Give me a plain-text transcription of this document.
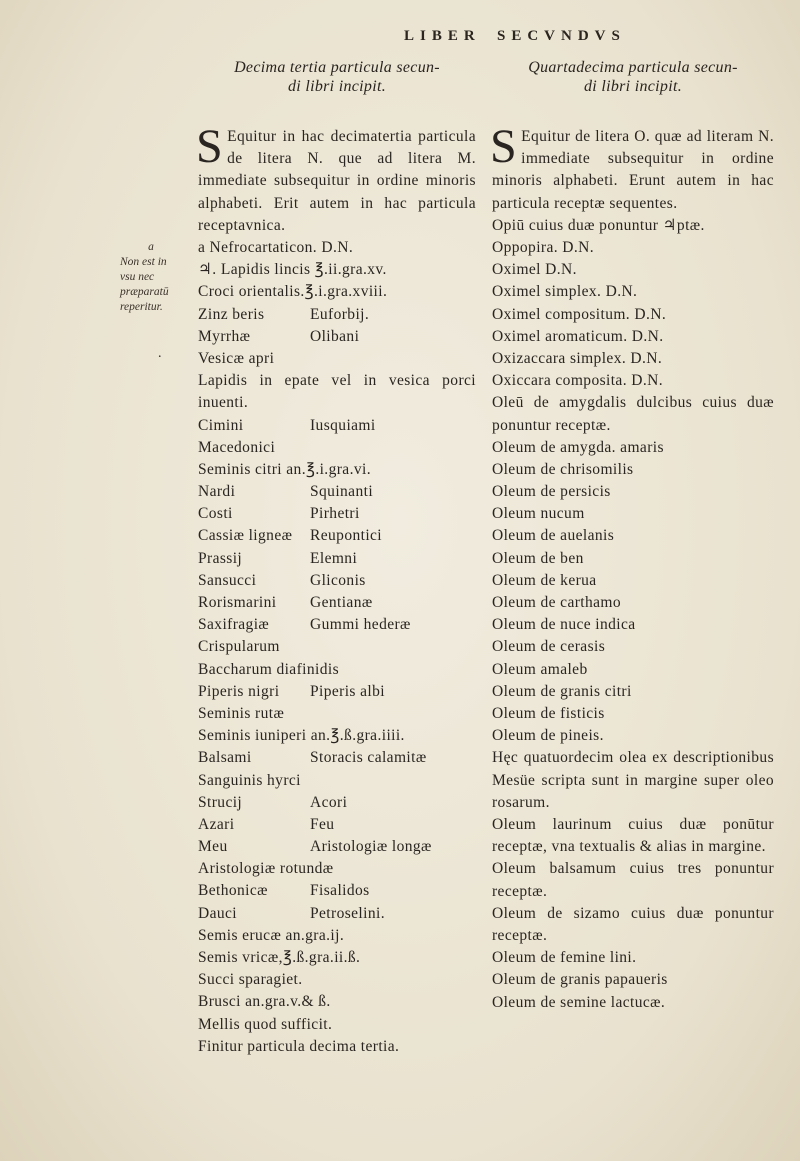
LIBER SECVNDVS
a
Non est in vsu nec præparatū reperitur.
.
Decima tertia particula secun-
di libri incipit.

S Equitur in hac decimatertia particula de litera N. que ad litera M. immediate subsequitur in ordine minoris alphabeti. Erit autem in hac particula receptavnica.

a Nefrocartaticon. D.N.
♃. Lapidis lincis ℥.ii.gra.xv.
Croci orientalis.℥.i.gra.xviii.
Zinz beris	Euforbij.
Myrrhæ	Olibani
Vesicæ apri
Lapidis in epate vel in vesica porci inuenti.
Cimini	Iusquiami
Macedonici
Seminis citri an.℥.i.gra.vi.
Nardi	Squinanti
Costi	Pirhetri
Cassiæ ligneæ	Reupontici
Prassij	Elemni
Sansucci	Gliconis
Rorismarini	Gentianæ
Saxifragiæ	Gummi hederæ
Crispularum
Baccharum diafinidis
Piperis nigri	Piperis albi
Seminis rutæ
Seminis iuniperi an.℥.ß.gra.iiii.
Balsami	Storacis calamitæ
Sanguinis hyrci
Strucij	Acori
Azari	Feu
Meu	Aristologiæ longæ
Aristologiæ rotundæ
Bethonicæ	Fisalidos
Dauci	Petroselini.
Semis erucæ an.gra.ij.
Semis vricæ,℥.ß.gra.ii.ß.
Succi sparagiet.
Brusci an.gra.v.& ß.
Mellis quod sufficit.
Finitur particula decima tertia.
Quartadecima particula secun-
di libri incipit.

S Equitur de litera O. quæ ad literam N. immediate subsequitur in ordine minoris alphabeti. Erunt autem in hac particula receptæ sequentes.

Opiū cuius duæ ponuntur ♃ptæ.
Oppopira. D.N.
Oximel D.N.
Oximel simplex. D.N.
Oximel compositum. D.N.
Oximel aromaticum. D.N.
Oxizaccara simplex. D.N.
Oxiccara composita. D.N.
Oleū de amygdalis dulcibus cuius duæ ponuntur receptæ.
Oleum de amygda. amaris
Oleum de chrisomilis
Oleum de persicis
Oleum nucum
Oleum de auelanis
Oleum de ben
Oleum de kerua
Oleum de carthamo
Oleum de nuce indica
Oleum de cerasis
Oleum amaleb
Oleum de granis citri
Oleum de fisticis
Oleum de pineis.
Hęc quatuordecim olea ex descriptionibus Mesüe scripta sunt in margine super oleo rosarum.
Oleum laurinum cuius duæ ponūtur receptæ, vna textualis & alias in margine.
Oleum balsamum cuius tres ponuntur receptæ.
Oleum de sizamo cuius duæ ponuntur receptæ.
Oleum de femine lini.
Oleum de granis papaueris
Oleum de semine lactucæ.
